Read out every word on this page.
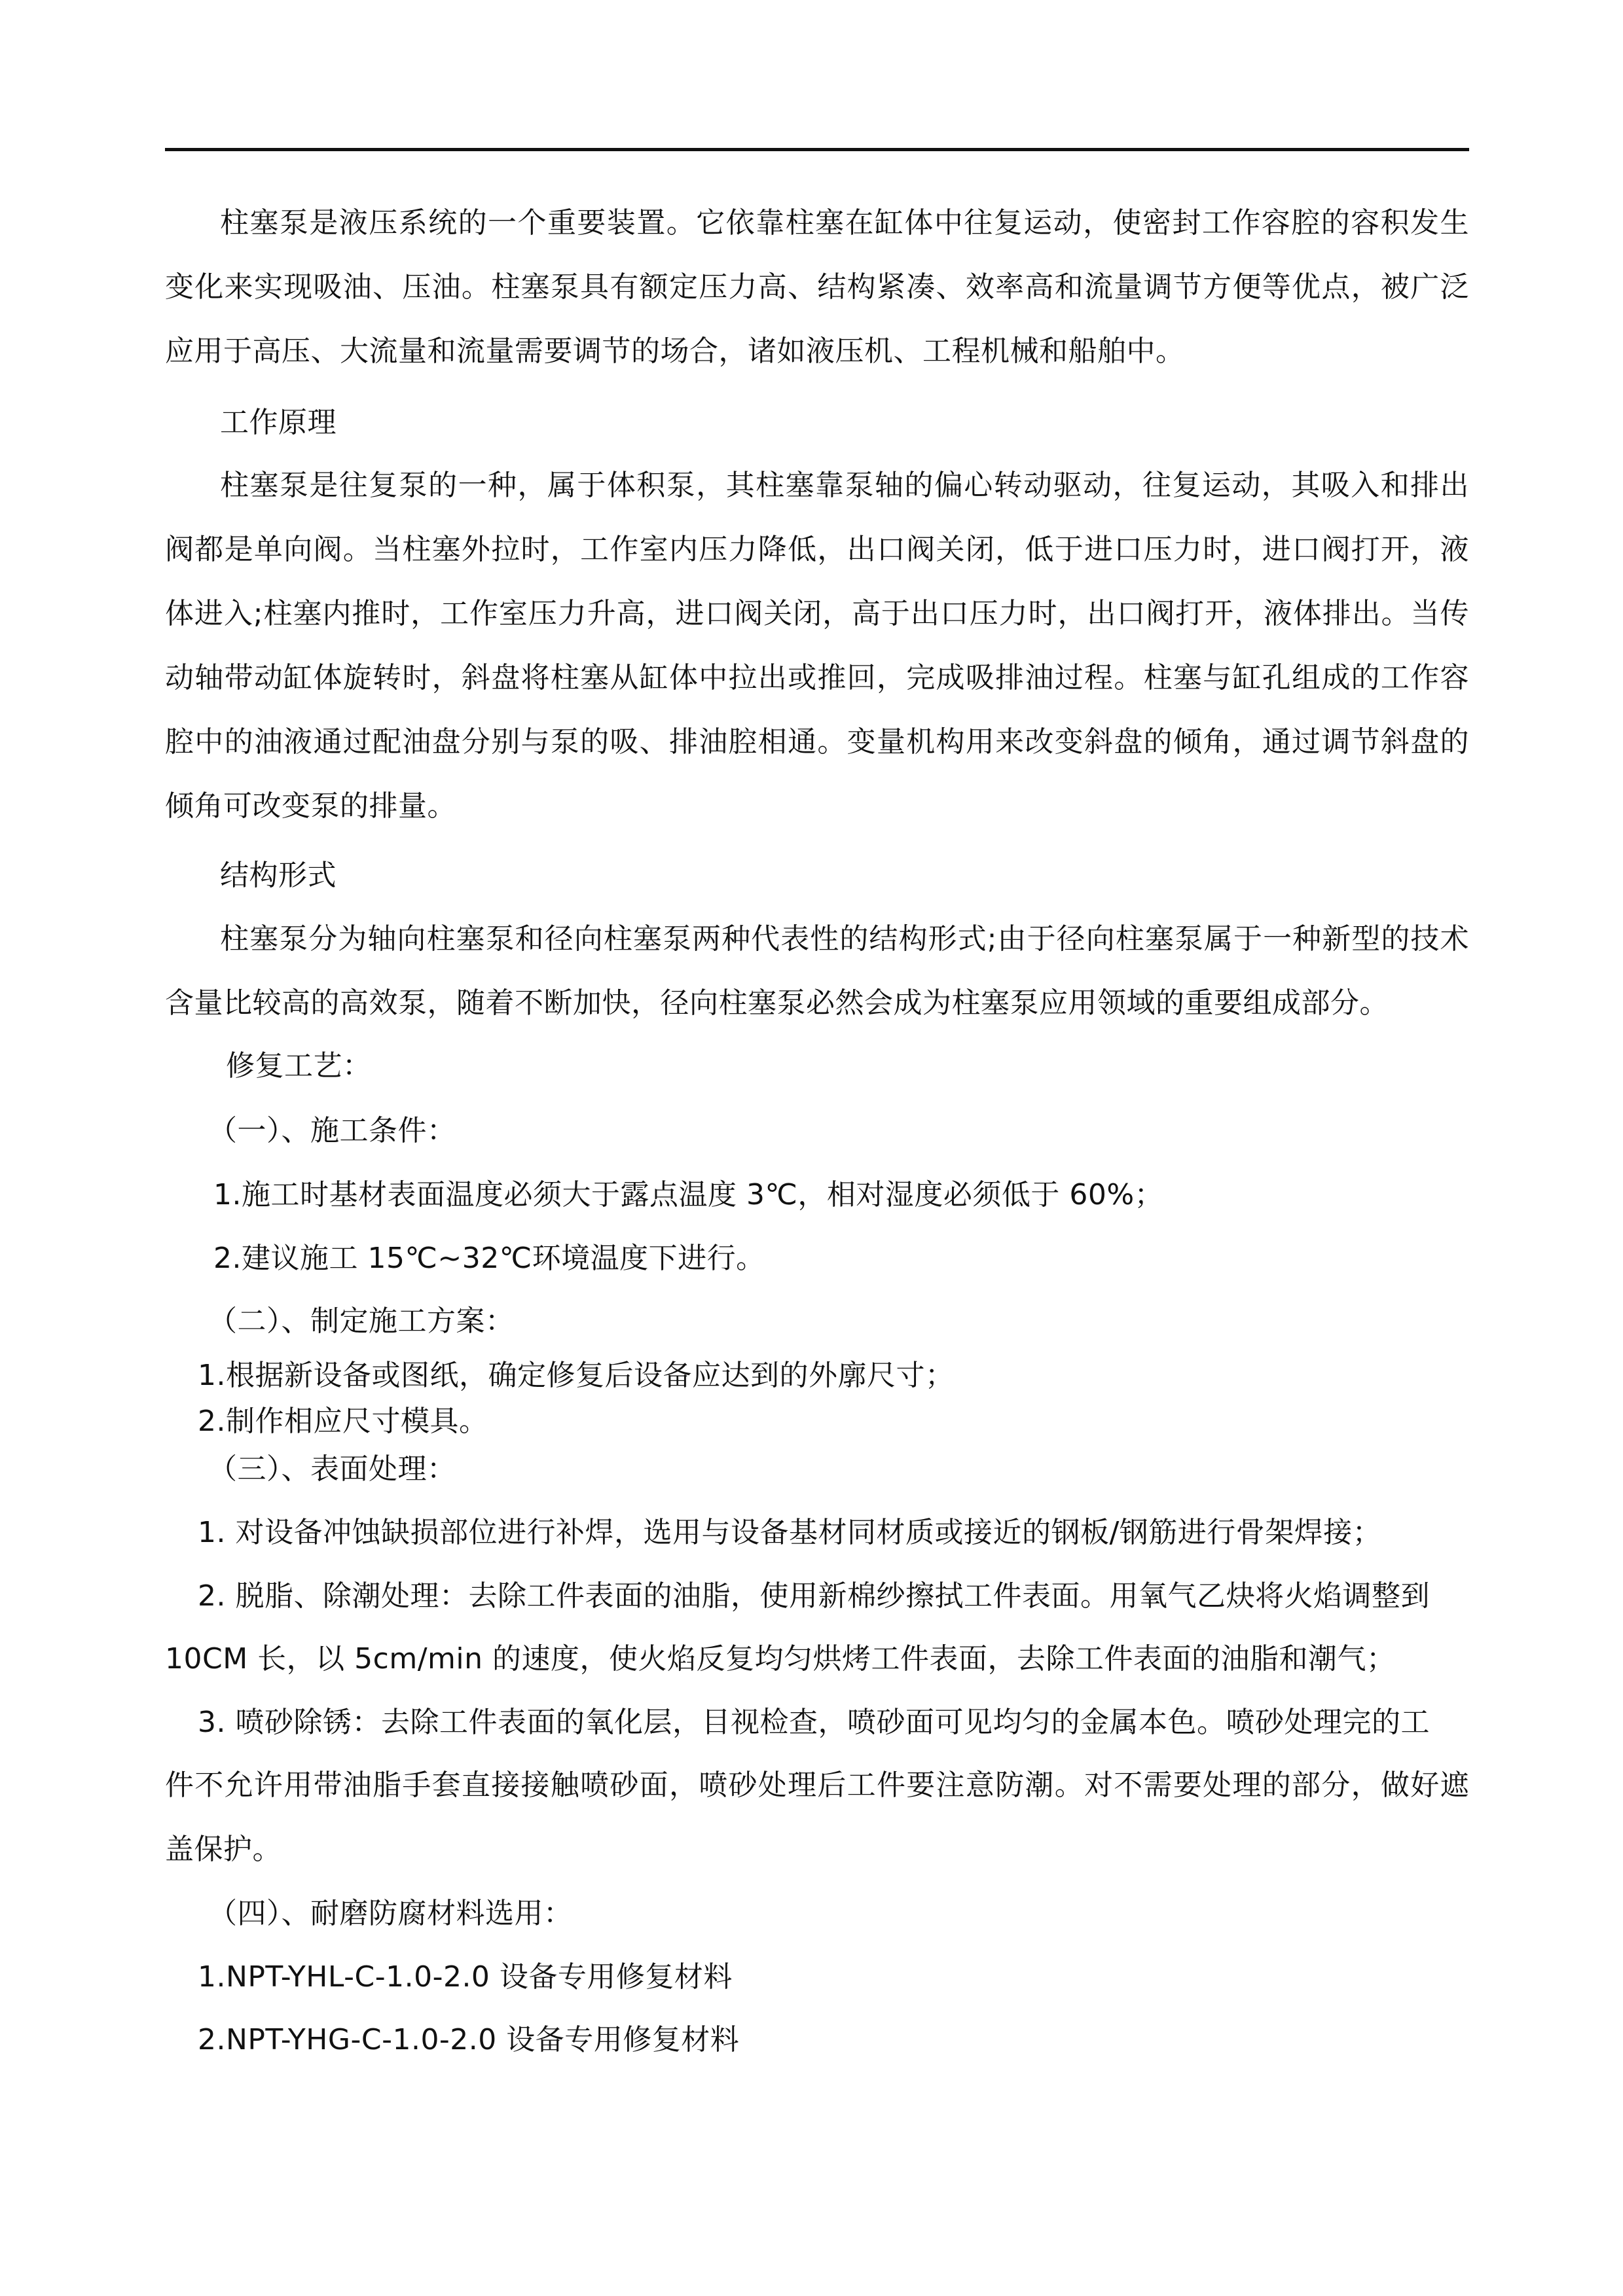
柱塞泵是液压系统的一个重要装置。它依靠柱塞在缸体中往复运动，使密封工作容腔的容积发生变化来实现吸油、压油。柱塞泵具有额定压力高、结构紧凑、效率高和流量调节方便等优点，被广泛应用于高压、大流量和流量需要调节的场合，诸如液压机、工程机械和船舶中。

工作原理

柱塞泵是往复泵的一种，属于体积泵，其柱塞靠泵轴的偏心转动驱动，往复运动，其吸入和排出阀都是单向阀。当柱塞外拉时，工作室内压力降低，出口阀关闭，低于进口压力时，进口阀打开，液体进入;柱塞内推时，工作室压力升高，进口阀关闭，高于出口压力时，出口阀打开，液体排出。当传动轴带动缸体旋转时，斜盘将柱塞从缸体中拉出或推回，完成吸排油过程。柱塞与缸孔组成的工作容腔中的油液通过配油盘分别与泵的吸、排油腔相通。变量机构用来改变斜盘的倾角，通过调节斜盘的倾角可改变泵的排量。

结构形式

柱塞泵分为轴向柱塞泵和径向柱塞泵两种代表性的结构形式;由于径向柱塞泵属于一种新型的技术含量比较高的高效泵，随着不断加快，径向柱塞泵必然会成为柱塞泵应用领域的重要组成部分。

修复工艺：

（一）、施工条件：

1.施工时基材表面温度必须大于露点温度 3℃，相对湿度必须低于 60%；

2.建议施工 15℃~32℃环境温度下进行。

（二）、制定施工方案：

1.根据新设备或图纸，确定修复后设备应达到的外廓尺寸；

2.制作相应尺寸模具。

（三）、表面处理：

1. 对设备冲蚀缺损部位进行补焊，选用与设备基材同材质或接近的钢板/钢筋进行骨架焊接；

2. 脱脂、除潮处理：去除工件表面的油脂，使用新棉纱擦拭工件表面。用氧气乙炔将火焰调整到

10CM 长，以 5cm/min 的速度，使火焰反复均匀烘烤工件表面，去除工件表面的油脂和潮气；

3. 喷砂除锈：去除工件表面的氧化层，目视检查，喷砂面可见均匀的金属本色。喷砂处理完的工

件不允许用带油脂手套直接接触喷砂面，喷砂处理后工件要注意防潮。对不需要处理的部分，做好遮盖保护。

（四）、耐磨防腐材料选用：

1.NPT-YHL-C-1.0-2.0 设备专用修复材料

2.NPT-YHG-C-1.0-2.0 设备专用修复材料
